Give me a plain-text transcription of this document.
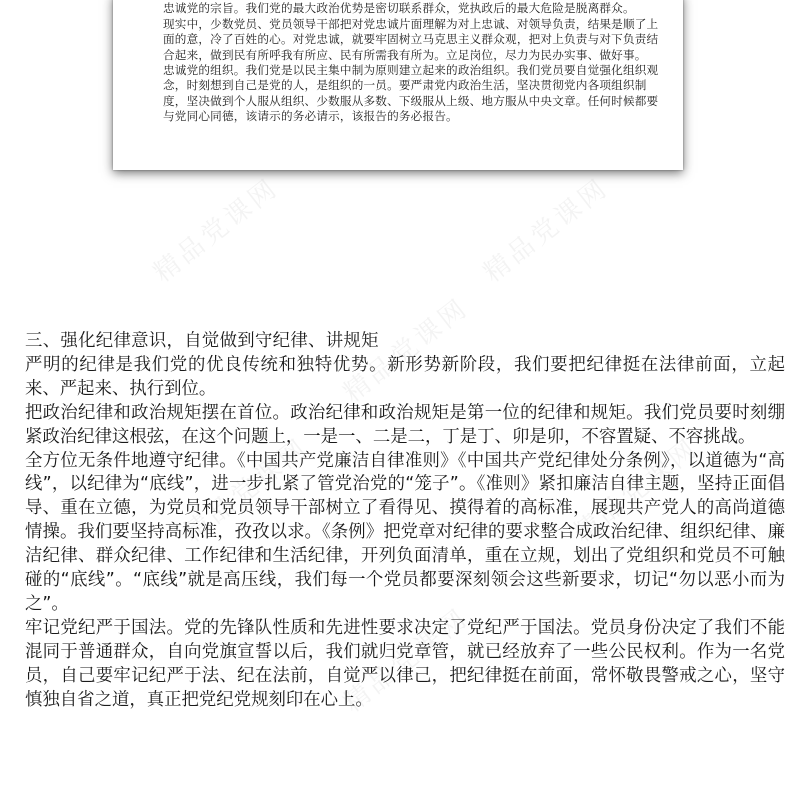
忠诚党的宗旨。我们党的最大政治优势是密切联系群众，党执政后的最大危险是脱离群众。

现实中，少数党员、党员领导干部把对党忠诚片面理解为对上忠诚、对领导负责，结果是顺了上面的意，冷了百姓的心。对党忠诚，就要牢固树立马克思主义群众观，把对上负责与对下负责结合起来，做到民有所呼我有所应、民有所需我有所为。立足岗位，尽力为民办实事、做好事。

忠诚党的组织。我们党是以民主集中制为原则建立起来的政治组织。我们党员要自觉强化组织观念，时刻想到自己是党的人，是组织的一员。要严肃党内政治生活，坚决贯彻党内各项组织制度，坚决做到个人服从组织、少数服从多数、下级服从上级、地方服从中央文章。任何时候都要与党同心同德，该请示的务必请示，该报告的务必报告。

精品党课网	精品党课网
精品党课网
精品党课网	精品党课网
精品党课网

三、强化纪律意识，自觉做到守纪律、讲规矩

严明的纪律是我们党的优良传统和独特优势。新形势新阶段，我们要把纪律挺在法律前面，立起来、严起来、执行到位。

把政治纪律和政治规矩摆在首位。政治纪律和政治规矩是第一位的纪律和规矩。我们党员要时刻绷紧政治纪律这根弦，在这个问题上，一是一、二是二，丁是丁、卯是卯，不容置疑、不容挑战。

全方位无条件地遵守纪律。《中国共产党廉洁自律准则》《中国共产党纪律处分条例》，以道德为“高线”，以纪律为“底线”，进一步扎紧了管党治党的“笼子”。《准则》紧扣廉洁自律主题，坚持正面倡导、重在立德，为党员和党员领导干部树立了看得见、摸得着的高标准，展现共产党人的高尚道德情操。我们要坚持高标准，孜孜以求。《条例》把党章对纪律的要求整合成政治纪律、组织纪律、廉洁纪律、群众纪律、工作纪律和生活纪律，开列负面清单，重在立规，划出了党组织和党员不可触碰的“底线”。“底线”就是高压线，我们每一个党员都要深刻领会这些新要求，切记“勿以恶小而为之”。

牢记党纪严于国法。党的先锋队性质和先进性要求决定了党纪严于国法。党员身份决定了我们不能混同于普通群众，自向党旗宣誓以后，我们就归党章管，就已经放弃了一些公民权利。作为一名党员，自己要牢记纪严于法、纪在法前，自觉严以律己，把纪律挺在前面，常怀敬畏警戒之心，坚守慎独自省之道，真正把党纪党规刻印在心上。
